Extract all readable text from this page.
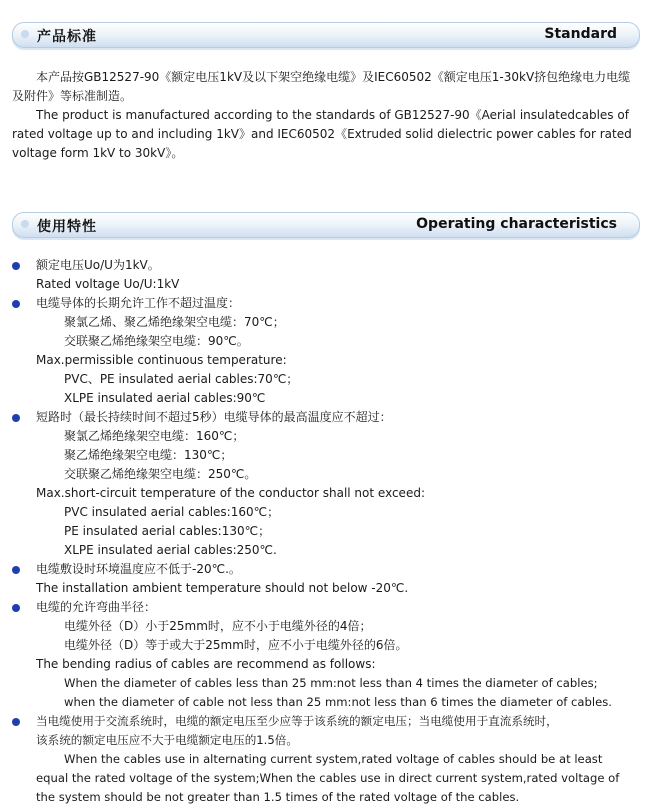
产品标准	Standard

本产品按GB12527-90《额定电压1kV及以下架空绝缘电缆》及IEC60502《额定电压1-30kV挤包绝缘电力电缆及附件》等标准制造。

The product is manufactured according to the standards of GB12527-90《Aerial insulatedcables of rated voltage up to and including 1kV》and IEC60502《Extruded solid dielectric power cables for rated voltage form 1kV to 30kV》。

使用特性	Operating characteristics
额定电压Uo/U为1kV。
Rated voltage Uo/U:1kV
电缆导体的长期允许工作不超过温度：
聚氯乙烯、聚乙烯绝缘架空电缆：70℃；
交联聚乙烯绝缘架空电缆：90℃。
Max.permissible continuous temperature:
PVC、PE insulated aerial cables:70℃；
XLPE insulated aerial cables:90℃
短路时（最长持续时间不超过5秒）电缆导体的最高温度应不超过：
聚氯乙烯绝缘架空电缆：160℃；
聚乙烯绝缘架空电缆：130℃；
交联聚乙烯绝缘架空电缆：250℃。
Max.short-circuit temperature of the conductor shall not exceed:
PVC insulated aerial cables:160℃；
PE insulated aerial cables:130℃；
XLPE insulated aerial cables:250℃.
电缆敷设时环境温度应不低于-20℃.。
The installation ambient temperature should not below -20℃.
电缆的允许弯曲半径：
电缆外径（D）小于25mm时，应不小于电缆外径的4倍；
电缆外径（D）等于或大于25mm时，应不小于电缆外径的6倍。
The bending radius of cables are recommend as follows:
When the diameter of cables less than 25 mm:not less than 4 times the diameter of cables;
when the diameter of cable not less than 25 mm:not less than 6 times the diameter of cables.
当电缆使用于交流系统时，电缆的额定电压至少应等于该系统的额定电压；当电缆使用于直流系统时，
该系统的额定电压应不大于电缆额定电压的1.5倍。
When the cables use in alternating current system,rated voltage of cables should be at least
equal the rated voltage of the system;When the cables use in direct current system,rated voltage of
the system should be not greater than 1.5 times of the rated voltage of the cables.
